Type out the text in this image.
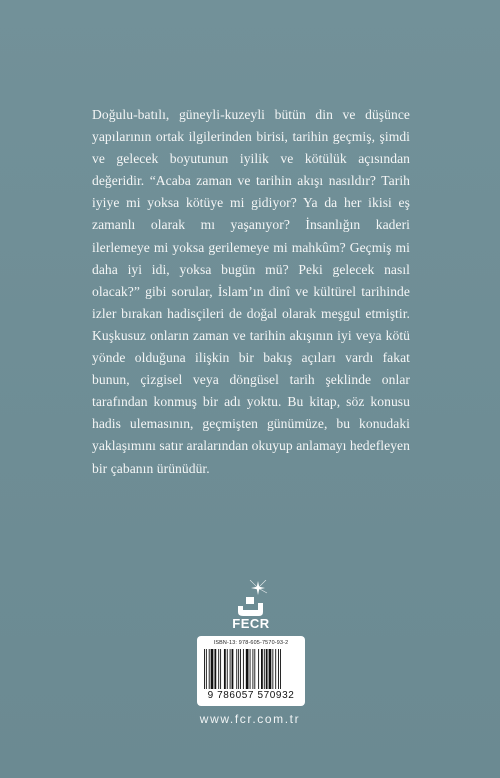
Doğulu-batılı, güneyli-kuzeyli bütün din ve düşünce yapılarının ortak ilgilerinden birisi, tarihin geçmiş, şimdi ve gelecek boyutunun iyilik ve kötülük açısından değeridir. “Acaba zaman ve tarihin akışı nasıldır? Tarih iyiye mi yoksa kötüye mi gidiyor? Ya da her ikisi eş zamanlı olarak mı yaşanıyor? İnsanlığın kaderi ilerlemeye mi yoksa gerilemeye mi mahkûm? Geçmiş mi daha iyi idi, yoksa bugün mü? Peki gelecek nasıl olacak?” gibi sorular, İslam’ın dinî ve kültürel tarihinde izler bırakan hadisçileri de doğal olarak meşgul etmiştir. Kuşkusuz onların zaman ve tarihin akışının iyi veya kötü yönde olduğuna ilişkin bir bakış açıları vardı fakat bunun, çizgisel veya döngüsel tarih şeklinde onlar tarafından konmuş bir adı yoktu. Bu kitap, söz konusu hadis ulemasının, geçmişten günümüze, bu konudaki yaklaşımını satır aralarından okuyup anlamayı hedefleyen bir çabanın ürünüdür.

FECR
ISBN-13: 978-605-7570-93-2
9 786057 570932
www.fcr.com.tr
